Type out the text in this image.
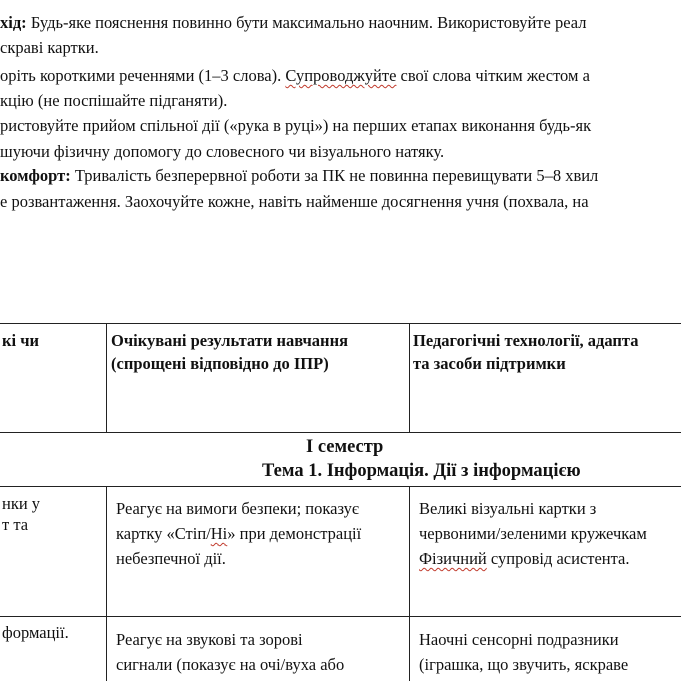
хід: Будь-яке пояснення повинно бути максимально наочним. Використовуйте реал
скраві картки.
оріть короткими реченнями (1–3 слова). Супроводжуйте свої слова чітким жестом а
кцію (не поспішайте підганяти).
ристовуйте прийом спільної дії («рука в руці») на перших етапах виконання будь-як
шуючи фізичну допомогу до словесного чи візуального натяку.
комфорт: Тривалість безперервної роботи за ПК не повинна перевищувати 5–8 хвил
е розвантаження. Заохочуйте кожне, навіть найменше досягнення учня (похвала, на
кі чи	Очікувані результати навчання
(спрощені відповідно до ІПР)
Педагогічні технології, адапта
та засоби підтримки
І семестр
Тема 1. Інформація. Дії з інформацією
нки у
т та
Реагує на вимоги безпеки; показує
картку «Стіп/Ні» при демонстрації
небезпечної дії.
Великі візуальні картки з
червоними/зеленими кружечкам
Фізичний супровід асистента.
формації.	Реагує на звукові та зорові
сигнали (показує на очі/вуха або
Наочні сенсорні подразники
(іграшка, що звучить, яскраве
